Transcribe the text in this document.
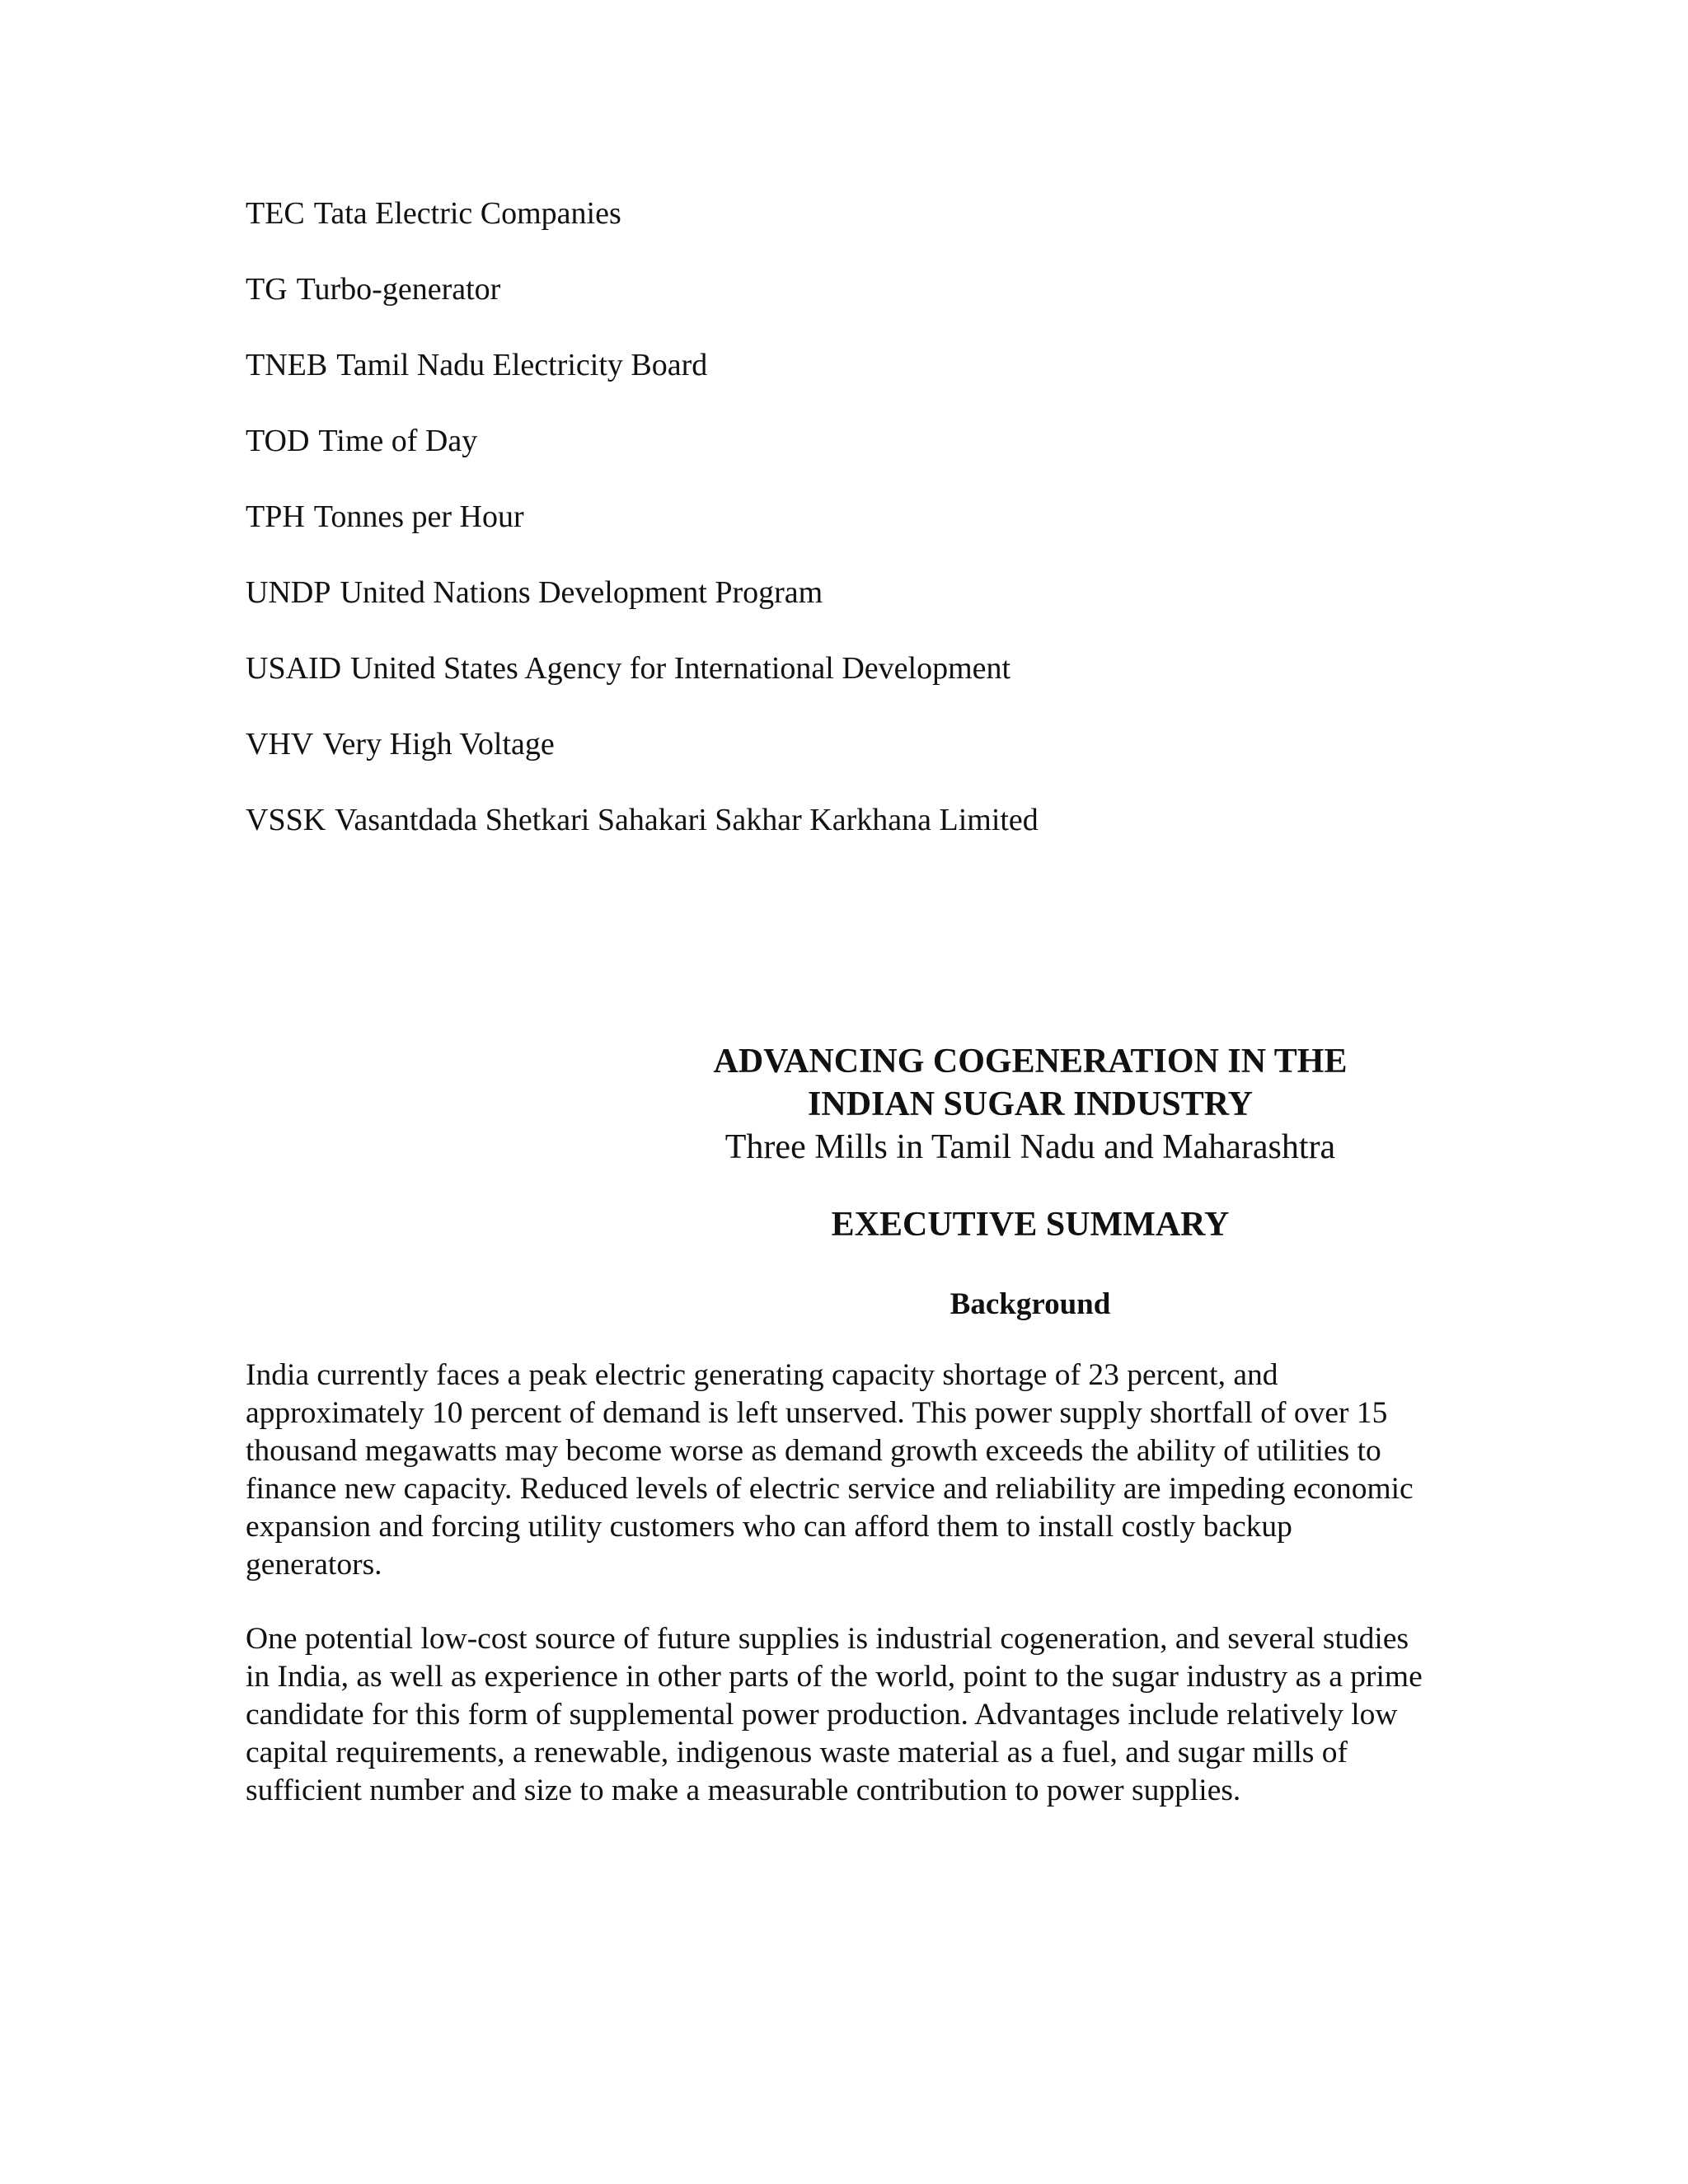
TEC Tata Electric Companies
TG Turbo-generator
TNEB Tamil Nadu Electricity Board
TOD Time of Day
TPH Tonnes per Hour
UNDP United Nations Development Program
USAID United States Agency for International Development
VHV Very High Voltage
VSSK Vasantdada Shetkari Sahakari Sakhar Karkhana Limited

ADVANCING COGENERATION IN THE

INDIAN SUGAR INDUSTRY

Three Mills in Tamil Nadu and Maharashtra

EXECUTIVE SUMMARY

Background

India currently faces a peak electric generating capacity shortage of 23 percent, and approximately 10 percent of demand is left unserved. This power supply shortfall of over 15 thousand megawatts may become worse as demand growth exceeds the ability of utilities to finance new capacity. Reduced levels of electric service and reliability are impeding economic expansion and forcing utility customers who can afford them to install costly backup generators.

One potential low-cost source of future supplies is industrial cogeneration, and several studies in India, as well as experience in other parts of the world, point to the sugar industry as a prime candidate for this form of supplemental power production. Advantages include relatively low capital requirements, a renewable, indigenous waste material as a fuel, and sugar mills of sufficient number and size to make a measurable contribution to power supplies.
